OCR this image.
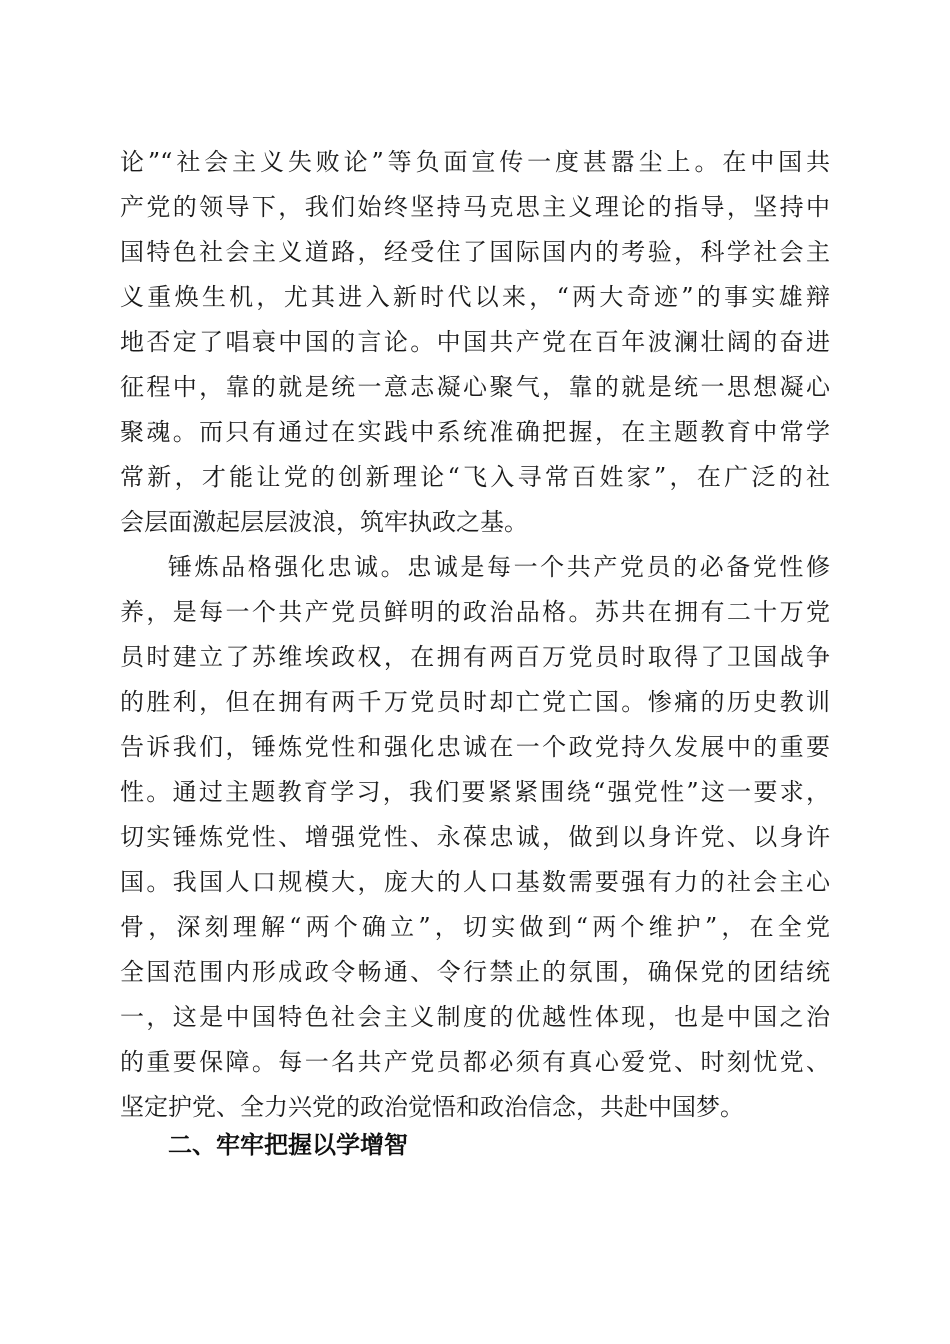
论”“社会主义失败论”等负面宣传一度甚嚣尘上。在中国共
产党的领导下，我们始终坚持马克思主义理论的指导，坚持中
国特色社会主义道路，经受住了国际国内的考验，科学社会主
义重焕生机，尤其进入新时代以来，“两大奇迹”的事实雄辩
地否定了唱衰中国的言论。中国共产党在百年波澜壮阔的奋进
征程中，靠的就是统一意志凝心聚气，靠的就是统一思想凝心
聚魂。而只有通过在实践中系统准确把握，在主题教育中常学
常新，才能让党的创新理论“飞入寻常百姓家”，在广泛的社
会层面激起层层波浪，筑牢执政之基。
锤炼品格强化忠诚。忠诚是每一个共产党员的必备党性修
养，是每一个共产党员鲜明的政治品格。苏共在拥有二十万党
员时建立了苏维埃政权，在拥有两百万党员时取得了卫国战争
的胜利，但在拥有两千万党员时却亡党亡国。惨痛的历史教训
告诉我们，锤炼党性和强化忠诚在一个政党持久发展中的重要
性。通过主题教育学习，我们要紧紧围绕“强党性”这一要求，
切实锤炼党性、增强党性、永葆忠诚，做到以身许党、以身许
国。我国人口规模大，庞大的人口基数需要强有力的社会主心
骨，深刻理解“两个确立”，切实做到“两个维护”，在全党
全国范围内形成政令畅通、令行禁止的氛围，确保党的团结统
一，这是中国特色社会主义制度的优越性体现，也是中国之治
的重要保障。每一名共产党员都必须有真心爱党、时刻忧党、
坚定护党、全力兴党的政治觉悟和政治信念，共赴中国梦。
二、牢牢把握以学增智
